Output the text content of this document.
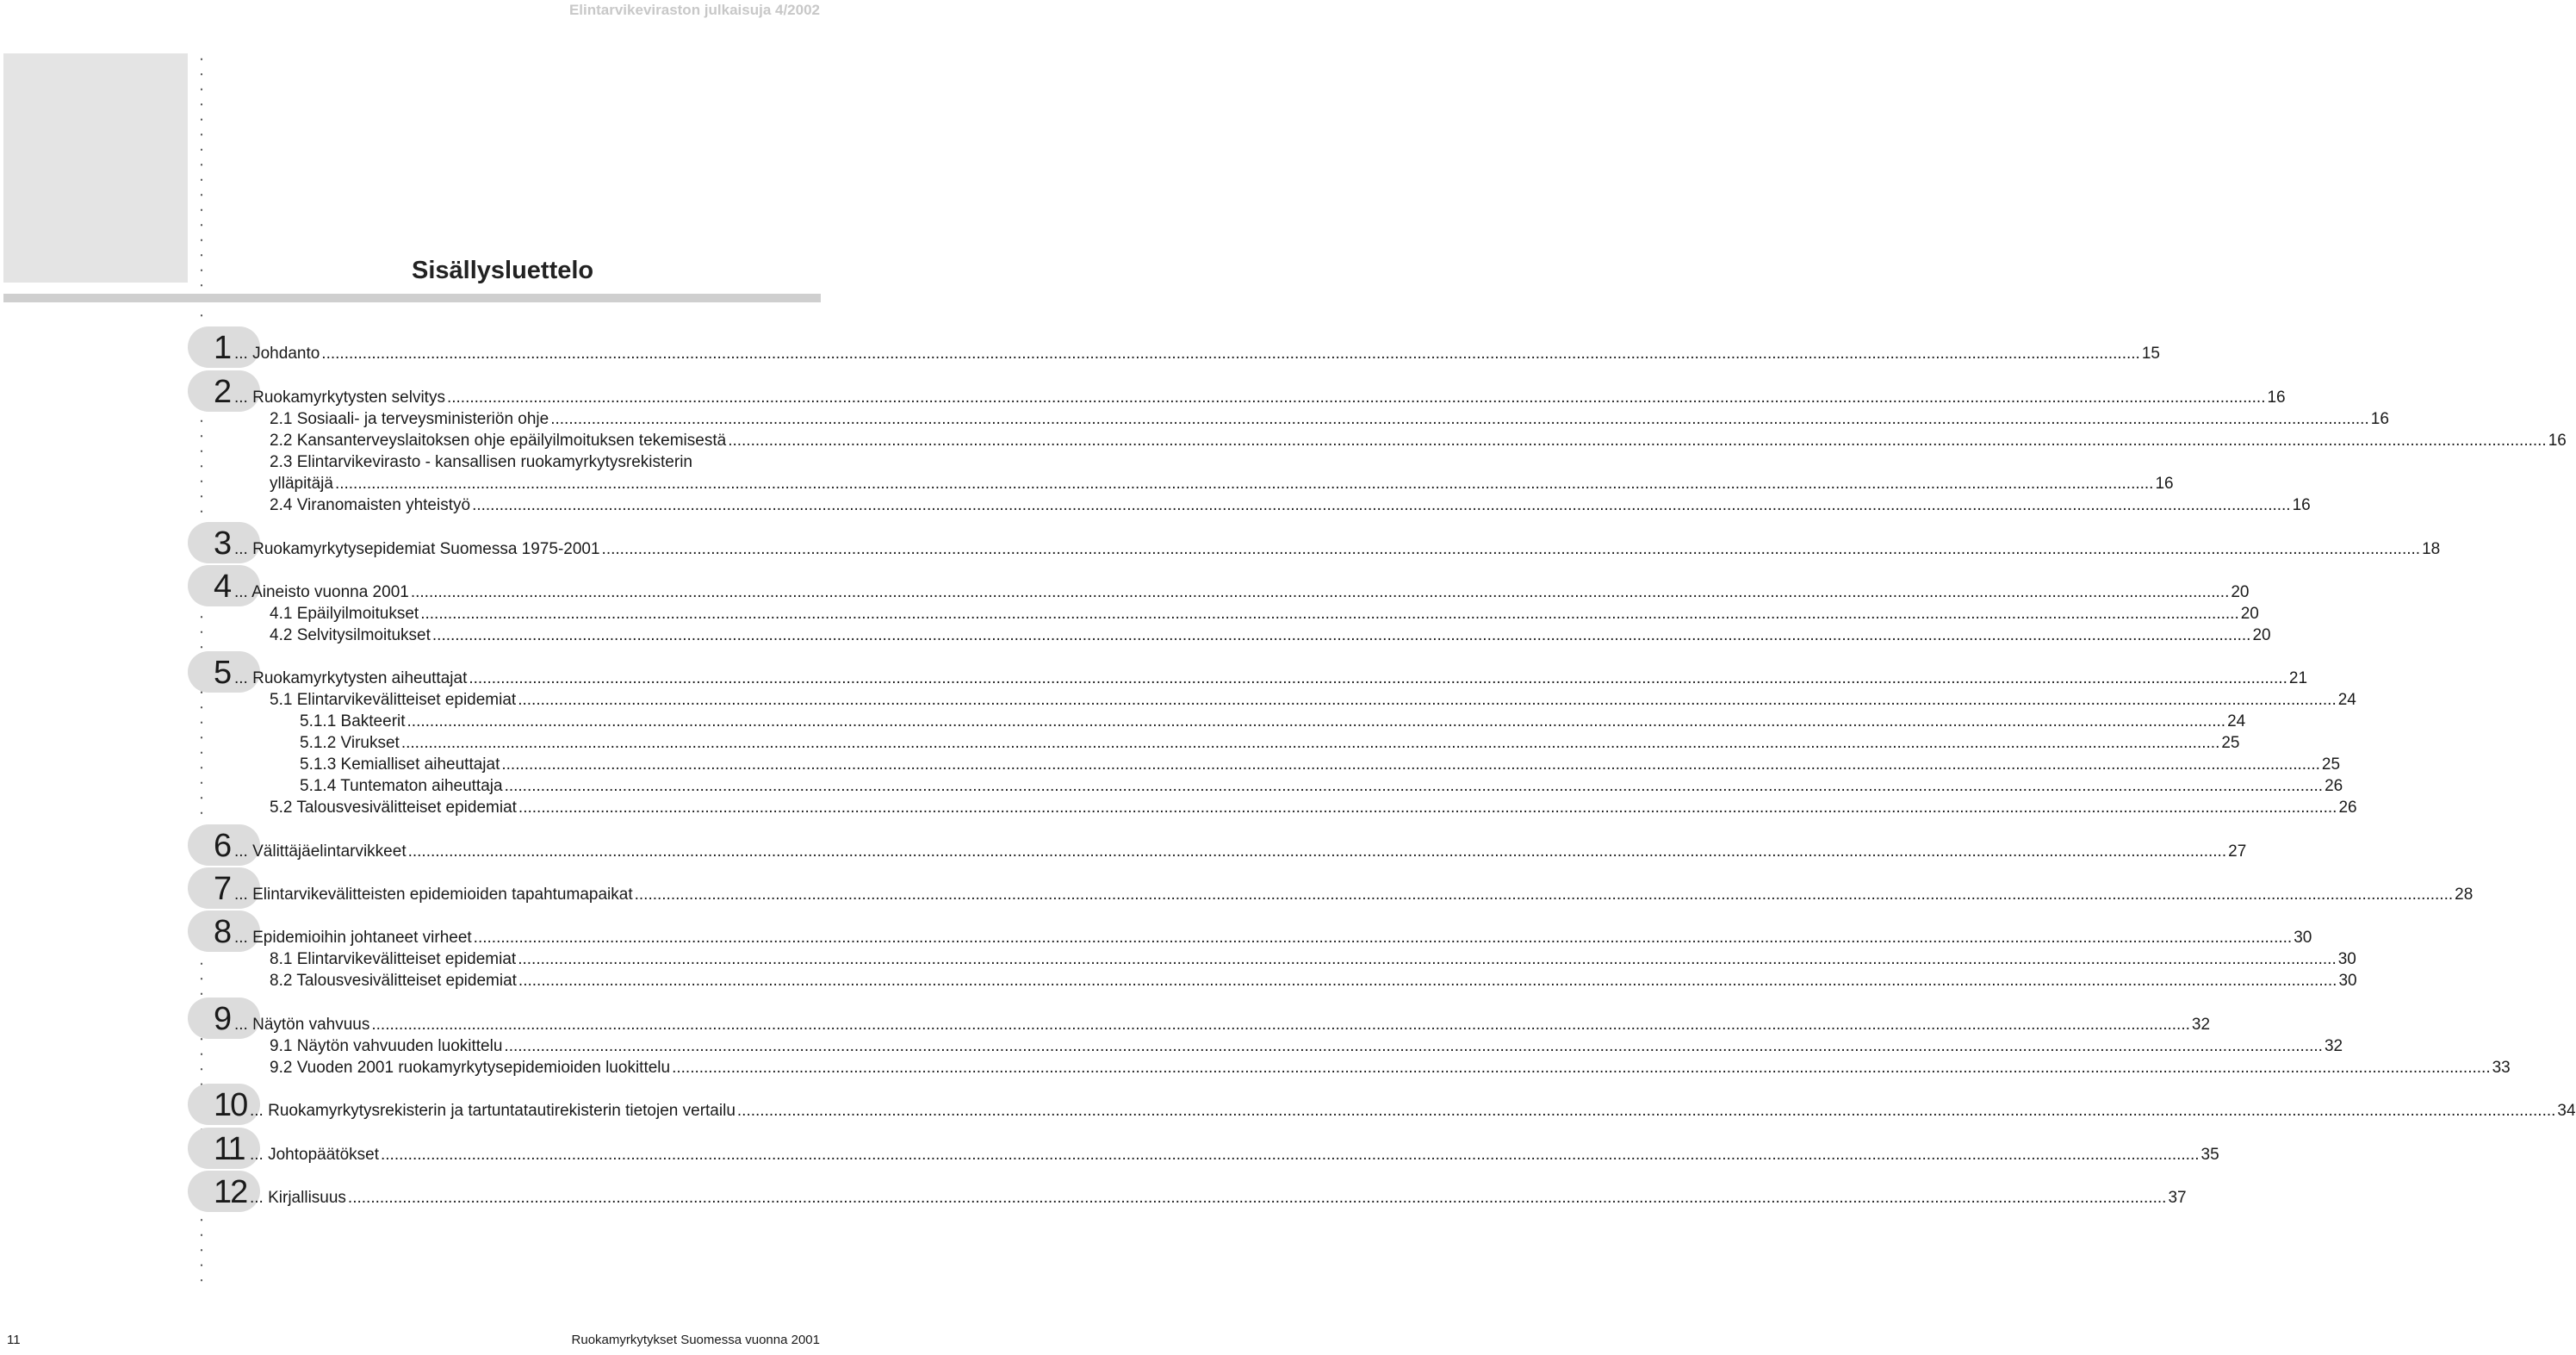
Elintarvikeviraston julkaisuja 4/2002
Sisällysluettelo
1 ... Johdanto ................................................................................................................................................................................................................................................................................................................................................................................................................ 15
2 ... Ruokamyrkytysten selvitys ................................................................................................................................................................................................................................................................................................................................................................................................................ 16
2.1 Sosiaali- ja terveysministeriön ohje ................................................................................................................................................................................................................................................................................................................................................................................................................ 16
2.2 Kansanterveyslaitoksen ohje epäilyilmoituksen tekemisestä ................................................................................................................................................................................................................................................................................................................................................................................................................ 16
2.3 Elintarvikevirasto - kansallisen ruokamyrkytysrekisterin
ylläpitäjä ................................................................................................................................................................................................................................................................................................................................................................................................................ 16
2.4 Viranomaisten yhteistyö ................................................................................................................................................................................................................................................................................................................................................................................................................ 16
3 ... Ruokamyrkytysepidemiat Suomessa 1975-2001 ................................................................................................................................................................................................................................................................................................................................................................................................................ 18
4 ... Aineisto vuonna 2001 ................................................................................................................................................................................................................................................................................................................................................................................................................ 20
4.1 Epäilyilmoitukset ................................................................................................................................................................................................................................................................................................................................................................................................................ 20
4.2 Selvitysilmoitukset ................................................................................................................................................................................................................................................................................................................................................................................................................ 20
5 ... Ruokamyrkytysten aiheuttajat ................................................................................................................................................................................................................................................................................................................................................................................................................ 21
5.1 Elintarvikevälitteiset epidemiat ................................................................................................................................................................................................................................................................................................................................................................................................................ 24
5.1.1 Bakteerit ................................................................................................................................................................................................................................................................................................................................................................................................................ 24
5.1.2 Virukset ................................................................................................................................................................................................................................................................................................................................................................................................................ 25
5.1.3 Kemialliset aiheuttajat ................................................................................................................................................................................................................................................................................................................................................................................................................ 25
5.1.4 Tuntematon aiheuttaja ................................................................................................................................................................................................................................................................................................................................................................................................................ 26
5.2 Talousvesivälitteiset epidemiat ................................................................................................................................................................................................................................................................................................................................................................................................................ 26
6 ... Välittäjäelintarvikkeet ................................................................................................................................................................................................................................................................................................................................................................................................................ 27
7 ... Elintarvikevälitteisten epidemioiden tapahtumapaikat ................................................................................................................................................................................................................................................................................................................................................................................................................ 28
8 ... Epidemioihin johtaneet virheet ................................................................................................................................................................................................................................................................................................................................................................................................................ 30
8.1 Elintarvikevälitteiset epidemiat ................................................................................................................................................................................................................................................................................................................................................................................................................ 30
8.2 Talousvesivälitteiset epidemiat ................................................................................................................................................................................................................................................................................................................................................................................................................ 30
9 ... Näytön vahvuus ................................................................................................................................................................................................................................................................................................................................................................................................................ 32
9.1 Näytön vahvuuden luokittelu ................................................................................................................................................................................................................................................................................................................................................................................................................ 32
9.2 Vuoden 2001 ruokamyrkytysepidemioiden luokittelu ................................................................................................................................................................................................................................................................................................................................................................................................................ 33
10 ... Ruokamyrkytysrekisterin ja tartuntatautirekisterin tietojen vertailu ................................................................................................................................................................................................................................................................................................................................................................................................................ 34
11 ... Johtopäätökset ................................................................................................................................................................................................................................................................................................................................................................................................................ 35
12 ... Kirjallisuus ................................................................................................................................................................................................................................................................................................................................................................................................................ 37
11	Ruokamyrkytykset Suomessa vuonna 2001
